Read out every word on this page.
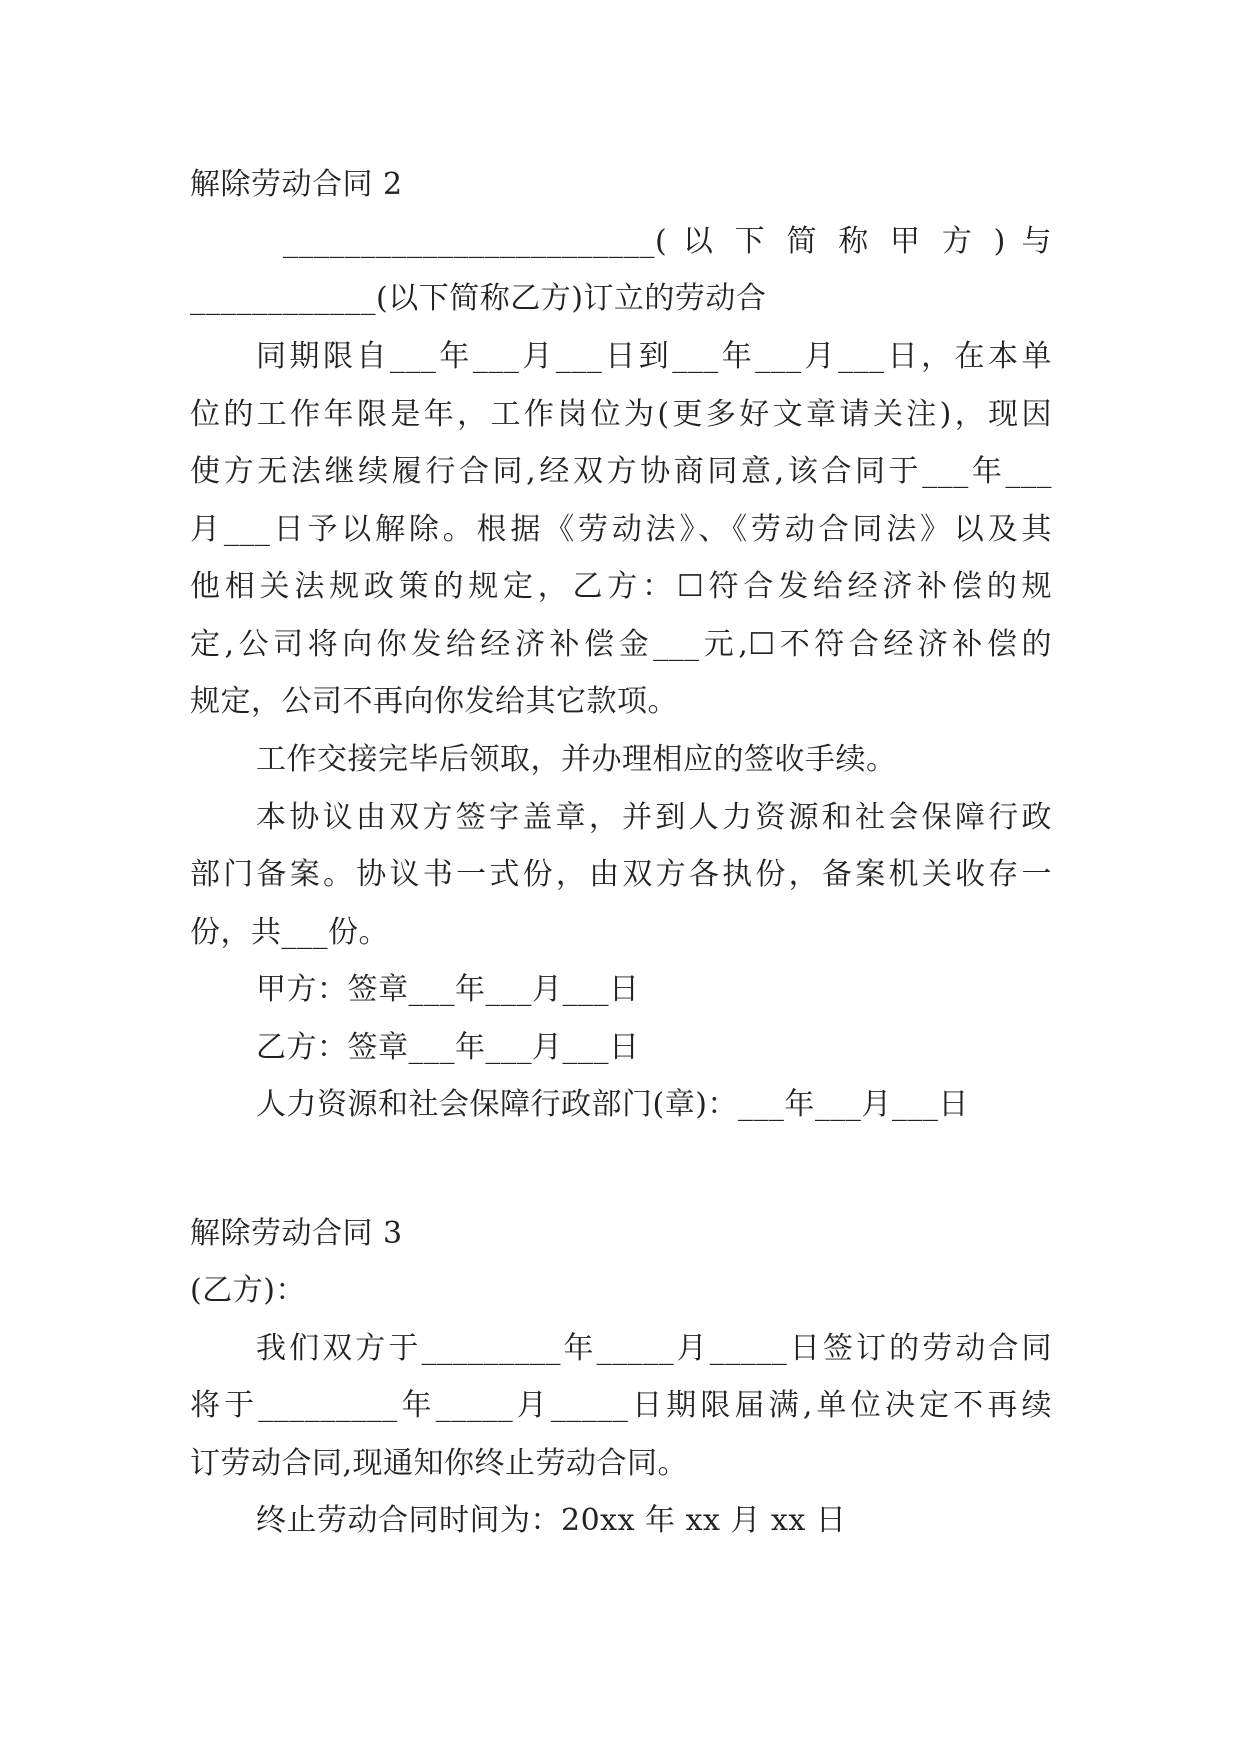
解除劳动合同 2
________________________( 以 下 简 称 甲 方 ) 与
____________(以下简称乙方)订立的劳动合
同期限自___年___月___日到___年___月___日，在本单
位的工作年限是年，工作岗位为(更多好文章请关注)，现因
使方无法继续履行合同,经双方协商同意,该合同于___年___
月___日予以解除。根据《劳动法》、《劳动合同法》以及其
他相关法规政策的规定，乙方：☐符合发给经济补偿的规
定,公司将向你发给经济补偿金___元,☐不符合经济补偿的
规定，公司不再向你发给其它款项。
工作交接完毕后领取，并办理相应的签收手续。
本协议由双方签字盖章，并到人力资源和社会保障行政
部门备案。协议书一式份，由双方各执份，备案机关收存一
份，共___份。
甲方：签章___年___月___日
乙方：签章___年___月___日
人力资源和社会保障行政部门(章)：___年___月___日
解除劳动合同 3
(乙方)：
我们双方于_________年_____月_____日签订的劳动合同
将于_________年_____月_____日期限届满,单位决定不再续
订劳动合同,现通知你终止劳动合同。
终止劳动合同时间为：20xx 年 xx 月 xx 日
